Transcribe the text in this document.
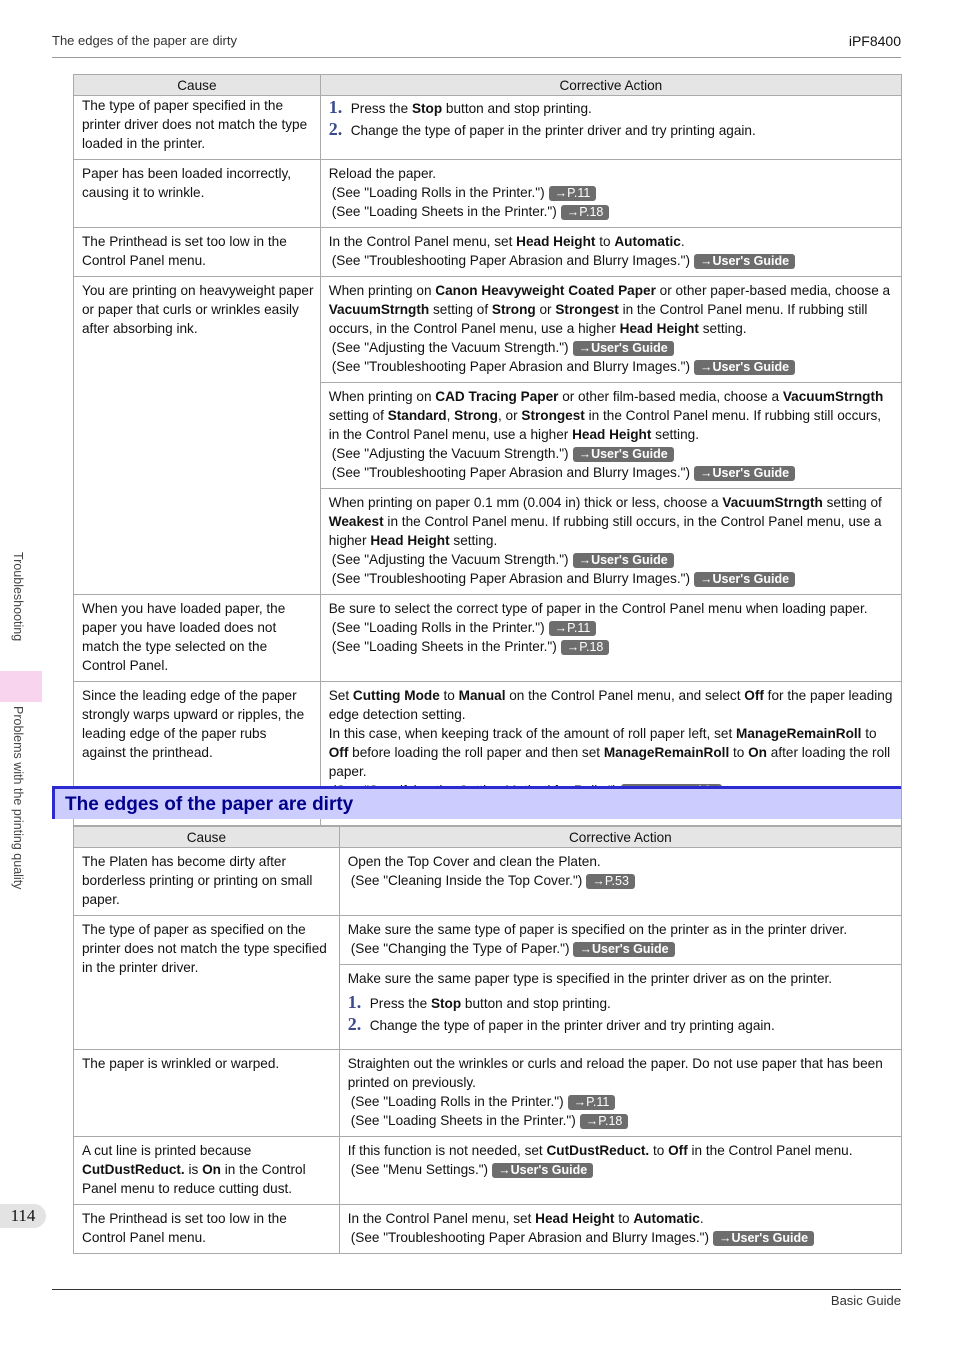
The edges of the paper are dirty	iPF8400
TroubleshootingProblems with the printing quality
114
Basic Guide
Cause	Corrective Action
The type of paper specified in the printer driver does not match the type loaded in the printer.	1. Press the Stop button and stop printing.
2. Change the type of paper in the printer driver and try printing again.

Paper has been loaded incorrectly, causing it to wrinkle.	Reload the paper.
(See "Loading Rolls in the Printer.") →P.11
(See "Loading Sheets in the Printer.") →P.18

The Printhead is set too low in the Control Panel menu.	In the Control Panel menu, set Head Height to Automatic.
(See "Troubleshooting Paper Abrasion and Blurry Images.") →User's Guide

You are printing on heavyweight paper or paper that curls or wrinkles easily after absorbing ink.	When printing on Canon Heavyweight Coated Paper or other paper-based media, choose a VacuumStrngth setting of Strong or Strongest in the Control Panel menu. If rubbing still occurs, in the Control Panel menu, use a higher Head Height setting.
(See "Adjusting the Vacuum Strength.") →User's Guide
(See "Troubleshooting Paper Abrasion and Blurry Images.") →User's Guide

	When printing on CAD Tracing Paper or other film-based media, choose a VacuumStrngth setting of Standard, Strong, or Strongest in the Control Panel menu. If rubbing still occurs, in the Control Panel menu, use a higher Head Height setting.
(See "Adjusting the Vacuum Strength.") →User's Guide
(See "Troubleshooting Paper Abrasion and Blurry Images.") →User's Guide

	When printing on paper 0.1 mm (0.004 in) thick or less, choose a VacuumStrngth setting of Weakest in the Control Panel menu. If rubbing still occurs, in the Control Panel menu, use a higher Head Height setting.
(See "Adjusting the Vacuum Strength.") →User's Guide
(See "Troubleshooting Paper Abrasion and Blurry Images.") →User's Guide

When you have loaded paper, the paper you have loaded does not match the type selected on the Control Panel.	Be sure to select the correct type of paper in the Control Panel menu when loading paper.
(See "Loading Rolls in the Printer.") →P.11
(See "Loading Sheets in the Printer.") →P.18

Since the leading edge of the paper strongly warps upward or ripples, the leading edge of the paper rubs against the printhead.	Set Cutting Mode to Manual on the Control Panel menu, and select Off for the paper leading edge detection setting.
In this case, when keeping track of the amount of roll paper left, set ManageRemainRoll to Off before loading the roll paper and then set ManageRemainRoll to On after loading the roll paper.
The edges of the paper are dirty
Cause	Corrective Action
The Platen has become dirty after borderless printing or printing on small paper.	Open the Top Cover and clean the Platen.
(See "Cleaning Inside the Top Cover.") →P.53

The type of paper as specified on the printer does not match the type specified in the printer driver.	Make sure the same type of paper is specified on the printer as in the printer driver.
(See "Changing the Type of Paper.") →User's Guide

	Make sure the same paper type is specified in the printer driver as on the printer.
1. Press the Stop button and stop printing.
2. Change the type of paper in the printer driver and try printing again.

The paper is wrinkled or warped.	Straighten out the wrinkles or curls and reload the paper. Do not use paper that has been printed on previously.
(See "Loading Rolls in the Printer.") →P.11
(See "Loading Sheets in the Printer.") →P.18

A cut line is printed because CutDustReduct. is On in the Control Panel menu to reduce cutting dust.	If this function is not needed, set CutDustReduct. to Off in the Control Panel menu.
(See "Menu Settings.") →User's Guide

The Printhead is set too low in the Control Panel menu.	In the Control Panel menu, set Head Height to Automatic.
(See "Troubleshooting Paper Abrasion and Blurry Images.") →User's Guide
